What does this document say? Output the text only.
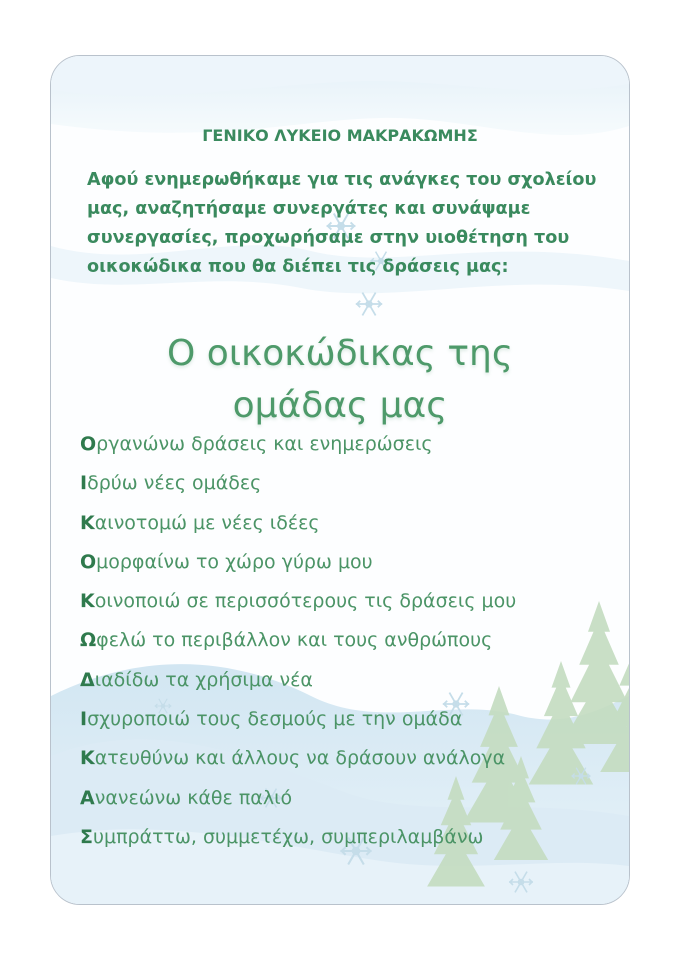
ΓΕΝΙΚΟ ΛΥΚΕΙΟ ΜΑΚΡΑΚΩΜΗΣ

Αφού ενημερωθήκαμε για τις ανάγκες του σχολείου μας, αναζητήσαμε συνεργάτες και συνάψαμε συνεργασίες, προχωρήσαμε στην υιοθέτηση του οικοκώδικα που θα διέπει τις δράσεις μας:

Ο οικοκώδικας της
ομάδας μας
Οργανώνω δράσεις και ενημερώσεις
Ιδρύω νέες ομάδες
Καινοτομώ με νέες ιδέες
Ομορφαίνω το χώρο γύρω μου
Κοινοποιώ σε περισσότερους τις δράσεις μου
Ωφελώ το περιβάλλον και τους ανθρώπους
Διαδίδω τα χρήσιμα νέα
Ισχυροποιώ τους δεσμούς με την ομάδα
Κατευθύνω και άλλους να δράσουν ανάλογα
Ανανεώνω κάθε παλιό
Συμπράττω, συμμετέχω, συμπεριλαμβάνω
